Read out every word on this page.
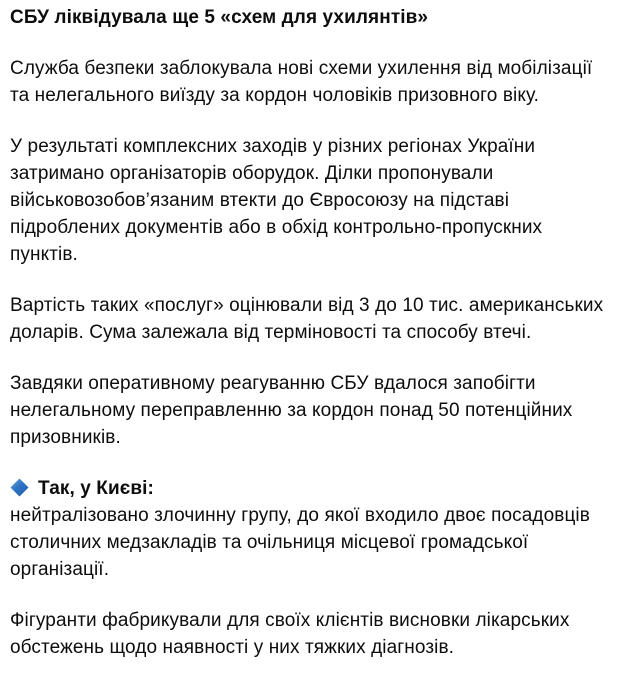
СБУ ліквідувала ще 5 «схем для ухилянтів»

Служба безпеки заблокувала нові схеми ухилення від мобілізації та нелегального виїзду за кордон чоловіків призовного віку.

У результаті комплексних заходів у різних регіонах України затримано організаторів оборудок. Ділки пропонували військовозобов’язаним втекти до Євросоюзу на підставі підроблених документів або в обхід контрольно-пропускних пунктів.

Вартість таких «послуг» оцінювали від 3 до 10 тис. американських доларів. Сума залежала від терміновості та способу втечі.

Завдяки оперативному реагуванню СБУ вдалося запобігти нелегальному переправленню за кордон понад 50 потенційних призовників.

Так, у Києві:
нейтралізовано злочинну групу, до якої входило двоє посадовців столичних медзакладів та очільниця місцевої громадської організації.

Фігуранти фабрикували для своїх клієнтів висновки лікарських обстежень щодо наявності у них тяжких діагнозів.
